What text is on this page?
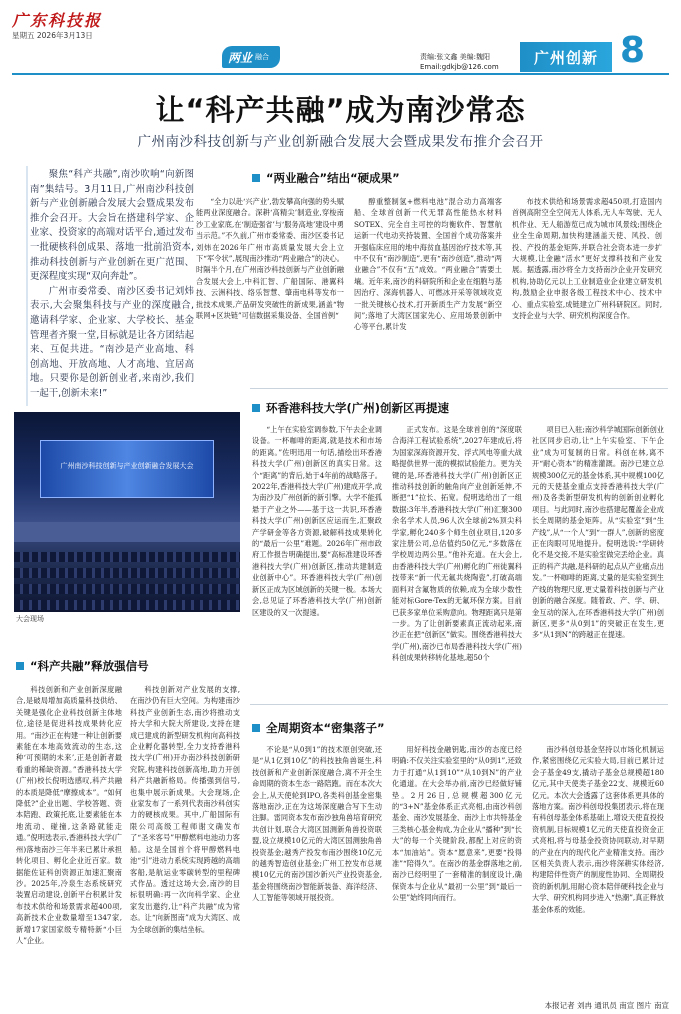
广东科技报
星期五 2026年3月13日
两业 融合	责编:张文鑫 美编:魏阳
Email:gdkjb@126.com
广州创新 8
让“科产共融”成为南沙常态
广州南沙科技创新与产业创新融合发展大会暨成果发布推介会召开

聚焦“科产共融”,南沙吹响“向新图南”集结号。3月11日,广州南沙科技创新与产业创新融合发展大会暨成果发布推介会召开。大会旨在搭建科学家、企业家、投资家的高端对话平台,通过发布一批硬核科创成果、落地一批前沿资本,推动科技创新与产业创新在更广范围、更深程度实现“双向奔赴”。

广州市委常委、南沙区委书记刘炜表示,大会聚集科技与产业的深度融合,邀请科学家、企业家、大学校长、基金管理者齐聚一堂,目标就是让各方团结起来、互促共进。“南沙是产业高地、科创高地、开放高地、人才高地、宜居高地。只要你是创新创业者,来南沙,我们一起干,创新未来!”

“两业融合”结出“硬成果”

“全力以赴‘兴产业’,勃发攀高向强的势头赋能两业深度融合。深耕‘高精尖’制造业,穿梭南沙工业家底,在‘制造强省’与‘服务高地’建设中勇当示范。”不久前,广州市委常委、南沙区委书记刘炜在2026年广州市高质量发展大会上立下“军令状”,展现南沙推动“两业融合”的决心。时隔半个月,在广州南沙科技创新与产业创新融合发展大会上,中科汇智、广船国际、港翼科技、云洲科技、络乐智慧、肇南电科等发布一批技术成果,产品研发突破性的新成果,涵盖“物联网+区块链”可信数据采集设备、全国首例“

醇重整制氢+燃料电池”混合动力高端客船、全球首创新一代无罪高性能热水材料SOTEX、完全自主可控的均衡软件、智慧航运新一代电动夹持装置、全国首个成功落案并开强临床应用的地中海贫血基因治疗技术等,其中不仅有“南沙制造”,更有“南沙创造”,推动“两业融合”不仅有“五”成效。“两业融合”需要土壤。近年来,南沙的科研院所和企业在细胞与基因治疗、深海机器人、可燃冰开采等领域攻克一批关键核心技术,打开新质生产力发展“新空间”;落地了大湾区国家先心、应用场景创新中心等平台,累计发

布技术供给和场景需求超450项,打造国内首例高附空全空间无人体系,无人车驾驶、无人机作业、无人船游览已成为城市风景线;围绕企业全生命周期,加快构建涵盖天使、风投、创投、产投的基金矩阵,并联合社会资本进一步扩大规模,让金融“活水”更好支撑科技和产业发展。据透露,南沙将全力支持南沙企业开发研究机构,协助亿元以上工业制造业企业建立研发机构,鼓励企业申报各级工程技术中心、技术中心、重点实验室,成链建立广州科研院区。同时,支持企业与大学、研究机构深度合作。

环香港科技大学(广州)创新区再提速

“上午在实验室调参数,下午去企业调设备。一杯咖啡的距离,就是技术和市场的距离。”佐明迅用一句话,描绘出环香港科技大学(广州)创新区的真实日常。这个“距离”的背后,始于4年前的战略落子。2022年,香港科技大学(广州)建成开学,成为南沙及广州创新的新引擎。大学不能孤悬于产业之外——基于这一共识,环香港科技大学(广州)创新区应运而生,汇聚政产学研金等各方资源,破解科技成果转化的“最后一公里”难题。2026年广州市政府工作报告明确提出,要“高标准建设环香港科技大学(广州)创新区,推动共建制造业创新中心”。环香港科技大学(广州)创新区正成为区域创新的关键一极。本场大会,总见证了环香港科技大学(广州)创新区建设的又一次提速。

正式发布。这是全球首创的“深度联合海洋工程试验系统”,2027年建成后,将为国家深海资源开发、浮式风电等重大战略提供世界一流的模拟试验能力。更为关键的是,环香港科技大学(广州)创新区正推动科技创新的触角向产业创新延伸,不断把“1”拉长、拓宽。倪明选给出了一组数据:3年半,香港科技大学(广州)汇聚300余名学术人员,96人次全球前2%顶尖科学家,孵化240多个师生创业项目,120多家注册公司,总估值约50亿元,“多数落在学校周边两公里。”他补充道。在大会上,由香港科技大学(广州)孵化的广州徒翼科技带来“新一代无氟共烧陶瓷”,打破高端面料对含氟物质的依赖,成为全球少数性能对标Gore-Tex的无氟环保方案。目前已获多家单位采购意向。物理距离只是第一步。为了让创新要素真正流动起来,南沙正在把“创新区”做实。围绕香港科技大学(广州),南沙已布局香港科技大学(广州)科创成果转移转化基地,超50个

项目已入驻;南沙科学城国际创新创业社区同步启动,让“上午实验室、下午企业”成为可复制的日常。科创在林,离不开“耐心资本”的精准灌溉。南沙已建立总规模300亿元的基金体系,其中规模100亿元的天使基金重点支持香港科技大学(广州)及各类新型研发机构的创新创业孵化项目。与此同时,南沙也搭建起覆盖企业成长全周期的基金矩阵。从“实验室”到“生产线”,从“一个人”到“一群人”,创新的密度正在肉眼可见地提升。倪明选说:“学研转化不是交接,不是实验室做完丢给企业。真正的科产共融,是科研的起点从产业痛点出发。”一杯咖啡的距离,丈量的是实验室到生产线的物理尺度,更丈量着科技创新与产业创新的融合深度。随着政、产、学、研、金互动的深入,在环香港科技大学(广州)创新区,更多“从0到1”的突破正在发生,更多“从1到N”的跨越正在提速。

广州南沙科技创新与产业创新融合发展大会
大会现场
“科产共融”释放强信号

科技创新和产业创新深度融合,是破局增加高质量科技供给、关键是强化企业科技创新主体地位,途径是促进科技成果转化应用。“南沙正在构建一种让创新要素能在本地高效流动的生态,这种‘可预期的未来’,正是创新者最看重的稀缺资源。”香港科技大学(广州)校长倪明选感叹,科产共融的本质是降低“摩擦成本”。“如何降低?”企业出题、学校答题、资本陪跑、政策托底,让要素能在本地流动、碰撞,这条路就能走通。”倪明选表示,香港科技大学(广州)落地南沙三年半来已累计承担转化项目、孵化企业近百家。数据能佐证科创资源正加速汇聚南沙。2025年,冷泉生态系统研究装置启动建设,创新平台积累计发布技术供给和场景需求超400项,高新技术企业数量增至1347家,新增17家国家级专精特新“小巨人”企业。

科技创新对产业发展的支撑,在南沙仍有巨大空间。为构建南沙科技产业创新生态,南沙将推动支持大学和大院大所建设,支持在建成已建成的新型研发机构向高科技企业孵化器转型,全力支持香港科技大学(广州)开办南沙科技创新研究院,构建科技创新高地,助力开创科产共融新格局。传播强到信号,也集中展示新成果。大会现场,企业家发布了一系列代表南沙科创实力的硬核成果。其中,广船国际有限公司高级工程师谢文确发布了“圣米客号”甲醇燃料电池动力客船。这是全国首个将甲醇燃料电池“引”进动力系统实现跨越的高端客船,是航运业零碳转型的里程碑式作品。透过这场大会,南沙的目标很明确:再一次向科学家、企业家发出邀约,让“科产共融”成为常态。让“向新图南”成为大湾区、成为全球创新的集结坐标。

全周期资本“密集落子”

不论是“从0到1”的技术原创突破,还是“从1亿到10亿”的科技独角兽诞生,科技创新和产业创新深度融合,离不开全生命周期的资本生态一路陪跑。而在本次大会上,从天使轮到IPO,各类科创基金密集落地南沙,正在为这场深度融合写下生动注脚。雷同资本发布南沙独角兽培育研究共创计划,联合大湾区国测新角兽投资联盟,设立规模10亿元的大湾区国测独角兽投资基金;越秀产投发布南沙围绕10亿元的越秀智造创业基金;广州工控发布总规模10亿元的南沙国沙新兴产业投资基金,基金将围绕南沙智能新装备、海洋经济、人工智能等领域开展投资。

用好科技金融钥匙,南沙的态度已经明确:不仅关注实验室里的“从0到1”,还致力于打通“从1到10”“从10到N”的产业化通道。在大会举办前,南沙已经做好铺垫。2月26日,总规模超300亿元的“3+N”基金体系正式亮相,由南沙科创基金、南沙发展基金、南沙上市共特基金三类核心基金构成,为企业从“播种”到“长大”的每一个关键阶段,都配上对应的资本“加油站”。资本“愿意来”,更要“投得准”“陪得久”。在南沙的基金群落地之前,南沙已经明里了一套精准的制度设计,确保资本与企业从“最初一公里”到“最后一公里”始终同向而行。

南沙科创母基金坚持以市场化机制运作,紧密围绕亿元实验大局,目前已累计过会子基金49支,撬动子基金总规模超180亿元,其中天使类子基金22支、规模近60亿元。本次大会透露了这套体系更具体的落地方案。南沙科创母投集团表示,将在现有科创母基金体系基础上,增设天使直投投资机制,目标规模1亿元的天使直投资金正式亮相,将与母基金投资协同联动,对早期的产业在内的现代化产业精准支持。南沙区相关负责人表示,南沙将深耕实体经济,构建陪伴性资产的制度性协同、全周期投资的新机制,用耐心资本陪伴硬科技企业与大学、研究机构同步进入“热潮”,真正释放基金体系的效能。

本报记者 刘冉 通讯员 南宣 图片 南宣
